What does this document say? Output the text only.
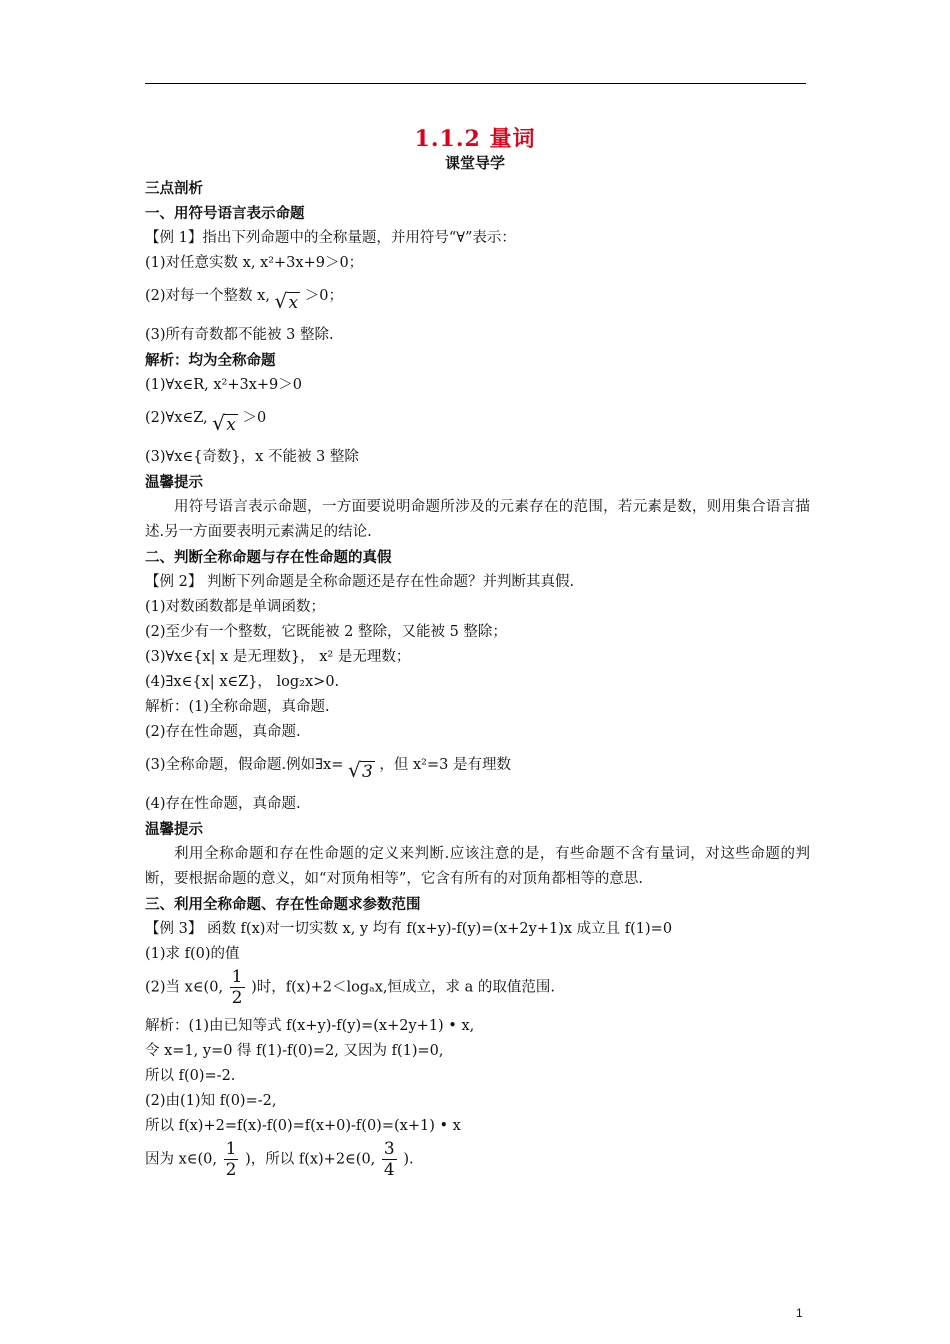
1.1.2 量词
课堂导学
三点剖析
一、用符号语言表示命题
【例 1】指出下列命题中的全称量题，并用符号“∀”表示：
(1)对任意实数 x, x²+3x+9＞0；
(2)对每一个整数 x, √ x ＞0；
(3)所有奇数都不能被 3 整除.
解析：均为全称命题
(1)∀x∈R, x²+3x+9＞0
(2)∀x∈Z, √ x ＞0
(3)∀x∈{奇数}，x 不能被 3 整除
温馨提示
用符号语言表示命题，一方面要说明命题所涉及的元素存在的范围，若元素是数，则用集合语言描述.另一方面要表明元素满足的结论.
二、判断全称命题与存在性命题的真假
【例 2】 判断下列命题是全称命题还是存在性命题？并判断其真假.
(1)对数函数都是单调函数；
(2)至少有一个整数，它既能被 2 整除，又能被 5 整除；
(3)∀x∈{x| x 是无理数}， x² 是无理数；
(4)∃x∈{x| x∈Z}， log₂x>0.
解析：(1)全称命题，真命题.
(2)存在性命题，真命题.
(3)全称命题，假命题.例如∃x= √ 3 ，但 x²=3 是有理数
(4)存在性命题，真命题.
温馨提示
利用全称命题和存在性命题的定义来判断.应该注意的是，有些命题不含有量词，对这些命题的判断，要根据命题的意义，如“对顶角相等”，它含有所有的对顶角都相等的意思.
三、利用全称命题、存在性命题求参数范围
【例 3】 函数 f(x)对一切实数 x, y 均有 f(x+y)-f(y)=(x+2y+1)x 成立且 f(1)=0
(1)求 f(0)的值
(2)当 x∈(0, $\frac{1}{2}$ )时，f(x)+2＜logₐx,恒成立，求 a 的取值范围.
解析：(1)由已知等式 f(x+y)-f(y)=(x+2y+1) • x,
令 x=1, y=0 得 f(1)-f(0)=2, 又因为 f(1)=0,
所以 f(0)=-2.
(2)由(1)知 f(0)=-2,
所以 f(x)+2=f(x)-f(0)=f(x+0)-f(0)=(x+1) • x
因为 x∈(0, $\frac{1}{2}$ )，所以 f(x)+2∈(0, $\frac{3}{4}$ ).
1
